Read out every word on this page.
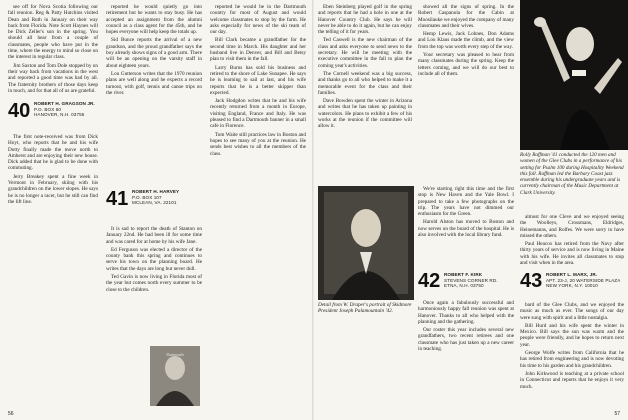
see off for Nova Scotia following our fall reunion. Reg & Patty Hutchins visited Dean and Ruth in January on their way back from Florida. Note Scott Haynes will be Dick Zeller's son in the spring. You should all hear from a couple of classmates, people who have put in the time, where the energy to mind so close on the interest in regular class.

Jim Saxton and Tom Dole stopped by on their way back from vacations in the west and reported a good time was had by all. The fraternity brothers of those days keep in touch, and for that all of us are grateful.

40 ROBERT H. GRAGSON JR.
P.O. BOX 60
HANOVER, N.H. 03755

The first note-received was from Dick Hoyt, who reports that he and his wife Dotty finally made the move north to Amherst and are enjoying their new house. Dick added that he is glad to be done with commuting.

Jerry Breakey spent a fine week in Vermont in February, skiing with his grandchildren on the lower slopes. He says he is no longer a racer, but he still can find the lift line.

reported he would quietly go into retirement but he wants to stay busy. He has accepted an assignment from the alumni council as a class agent for the 45th, and he hopes everyone will help keep the totals up.

Sid Bunce reports the arrival of a new grandson, and the proud grandfather says the boy already shows signs of a good arm. There will be an opening on the varsity staff in about eighteen years.

Lou Gutterson writes that the 1970 reunion plans are well along and he expects a record turnout, with golf, tennis and canoe trips on the river.

41 ROBERT H. HARVEY
P.O. BOX 107
MCLEAN, VA. 22101

It is sad to report the death of Stanton on January 22nd. He had been ill for some time and was cared for at home by his wife Jane.

Ed Ferguson was elected a director of the county bank this spring and continues to serve his town on the planning board. He writes that the days are long but never dull.

Ted Gavin is now living in Florida most of the year but comes north every summer to be close to the children.

reported he would be in the Dartmouth country for most of August and would welcome classmates to stop by the farm. He asks especially for news of the ski team of our day.

Bill Clark became a grandfather for the second time in March. His daughter and her husband live in Denver, and Bill and Betsy plan to visit them in the fall.

Larry Burns has sold his business and retired to the shore of Lake Sunapee. He says he is learning to sail at last, and his wife reports that he is a better skipper than expected.

Jack Hodgdon writes that he and his wife recently returned from a month in Europe, visiting England, France and Italy. He was pleased to find a Dartmouth banner in a small cafe in Florence.

Tom Waite still practices law in Boston and hopes to see many of you at the reunion. He sends best wishes to all the members of the class.

Dartmouth
56

Eben Steinberg played golf in the spring and reports that he had a hole in one at the Hanover Country Club. He says he will never be able to do it again, but he can enjoy the telling of it for years.

Ted Caswell is the new chairman of the class and asks everyone to send news to the secretary. He will be meeting with the executive committee in the fall to plan the coming year's activities.

The Cornell weekend was a big success, and thanks go to all who helped to make it a memorable event for the class and their families.

Dave Bowden spent the winter in Arizona and writes that he has taken up painting in watercolors. He plans to exhibit a few of his works at the reunion if the committee will allow it.

showed all the signs of spring. In the Robert Caspanola for the Cabin at Moosilauke we enjoyed the company of many classmates and their wives.

Hemp Lewis, Jack Lohnes, Don Adams and Lou Klaus made the climb, and the view from the top was worth every step of the way.

Your secretary was pleased to hear from many classmates during the spring. Keep the letters coming, and we will do our best to include all of them.

Rolly Raffman '41 conducted the 120 men and women of the Glee Clubs in a performance of his setting for Psalm 100 during Hospitality Weekend this fall. Raffman led the Barbary Coast jazz ensemble during his undergraduate years and is currently chairman of the Music Department at Clark University.

almost for one Cleve and we enjoyed seeing the Woolleys, Crossmans, Eldridges, Heinemanns, and Rolfes. We were sorry to have missed the others.

Paul Heacox has retired from the Navy after thirty years of service and is now living in Maine with his wife. He invites all classmates to stop and visit when in the area.

Detail from W. Draper's portrait of Skidmore President Joseph Palamountain '42.

We're starting right this time and the first stop is New Haven and the Yale Bowl. I prepared to take a few photographs on the trip. The years have not dimmed our enthusiasm for the Green.

Harold Alston has moved to Boston and now serves on the board of the hospital. He is also involved with the local library fund.

42 ROBERT F. KIRK
STEVENS CORNER RD.
ETNA, N.H. 03750

Once again a fabulously successful and harmoniously happy fall reunion was spent at Hanover. Thanks to all who helped with the planning and the gathering.

Our roster this year includes several new grandfathers, two recent retirees and one classmate who has just taken up a new career in teaching.

43 ROBERT L. MARX, JR.
APT. 23-J, 20 WATERSIDE PLAZA
NEW YORK, N.Y. 10010

bard of the Glee Clubs, and we enjoyed the music as much as ever. The songs of our day were sung with spirit and a little nostalgia.

Bill Hurd and his wife spent the winter in Mexico. Bill says the sun was warm and the people were friendly, and he hopes to return next year.

George Wolfe writes from California that he has retired from engineering and is now devoting his time to his garden and his grandchildren.

John Kirkwood is teaching at a private school in Connecticut and reports that he enjoys it very much.

57
